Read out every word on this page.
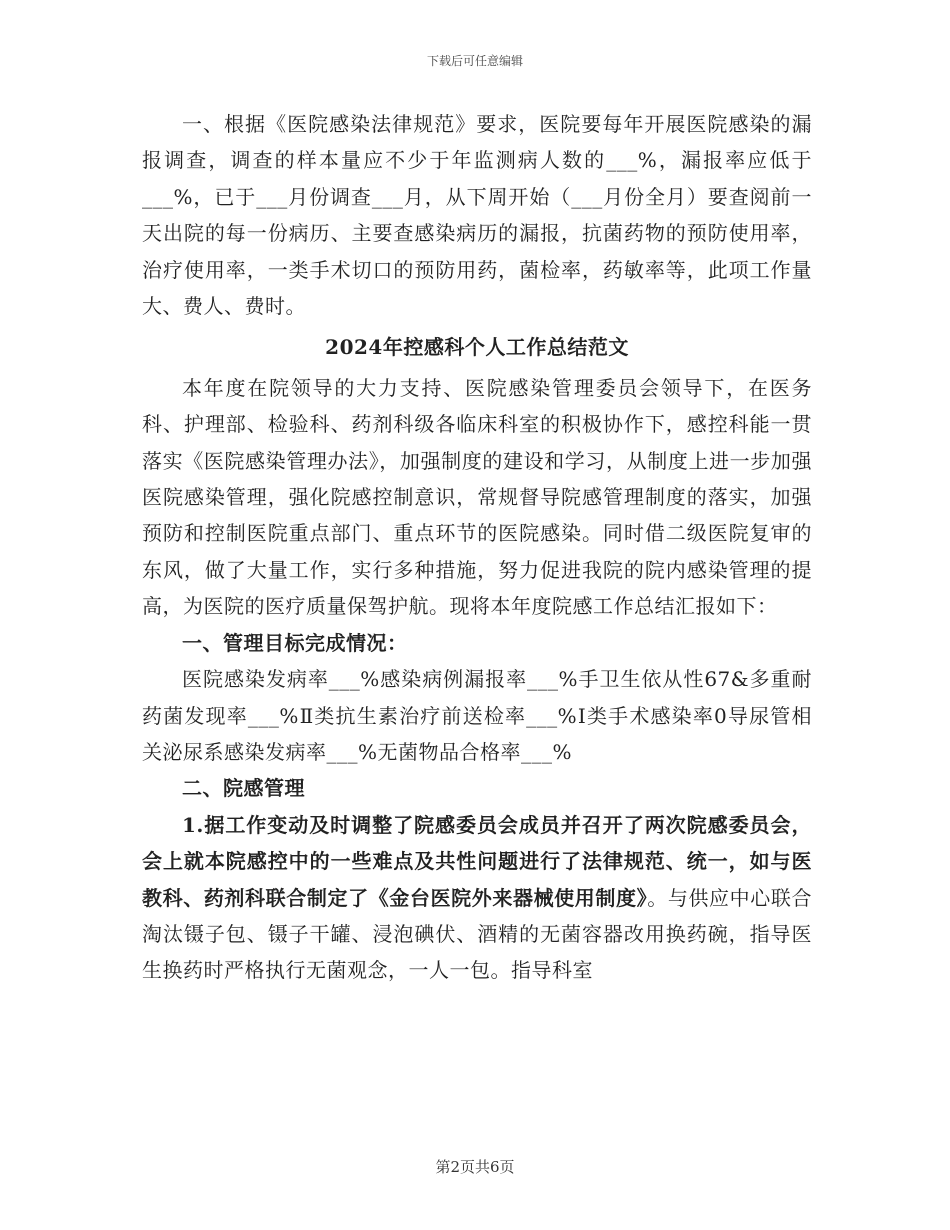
下载后可任意编辑

一、根据《医院感染法律规范》要求，医院要每年开展医院感染的漏报调查，调查的样本量应不少于年监测病人数的___%，漏报率应低于___%，已于___月份调查___月，从下周开始（___月份全月）要查阅前一天出院的每一份病历、主要查感染病历的漏报，抗菌药物的预防使用率，治疗使用率，一类手术切口的预防用药，菌检率，药敏率等，此项工作量大、费人、费时。

2024年控感科个人工作总结范文

本年度在院领导的大力支持、医院感染管理委员会领导下，在医务科、护理部、检验科、药剂科级各临床科室的积极协作下，感控科能一贯落实《医院感染管理办法》，加强制度的建设和学习，从制度上进一步加强医院感染管理，强化院感控制意识，常规督导院感管理制度的落实，加强预防和控制医院重点部门、重点环节的医院感染。同时借二级医院复审的东风，做了大量工作，实行多种措施，努力促进我院的院内感染管理的提高，为医院的医疗质量保驾护航。现将本年度院感工作总结汇报如下：

一、管理目标完成情况：

医院感染发病率___%感染病例漏报率___%手卫生依从性67&多重耐药菌发现率___%Ⅱ类抗生素治疗前送检率___%Ⅰ类手术感染率0导尿管相关泌尿系感染发病率___%无菌物品合格率___%

二、院感管理

1.据工作变动及时调整了院感委员会成员并召开了两次院感委员会，会上就本院感控中的一些难点及共性问题进行了法律规范、统一，如与医教科、药剂科联合制定了《金台医院外来器械使用制度》。与供应中心联合淘汰镊子包、镊子干罐、浸泡碘伏、酒精的无菌容器改用换药碗，指导医生换药时严格执行无菌观念，一人一包。指导科室

第2页共6页
